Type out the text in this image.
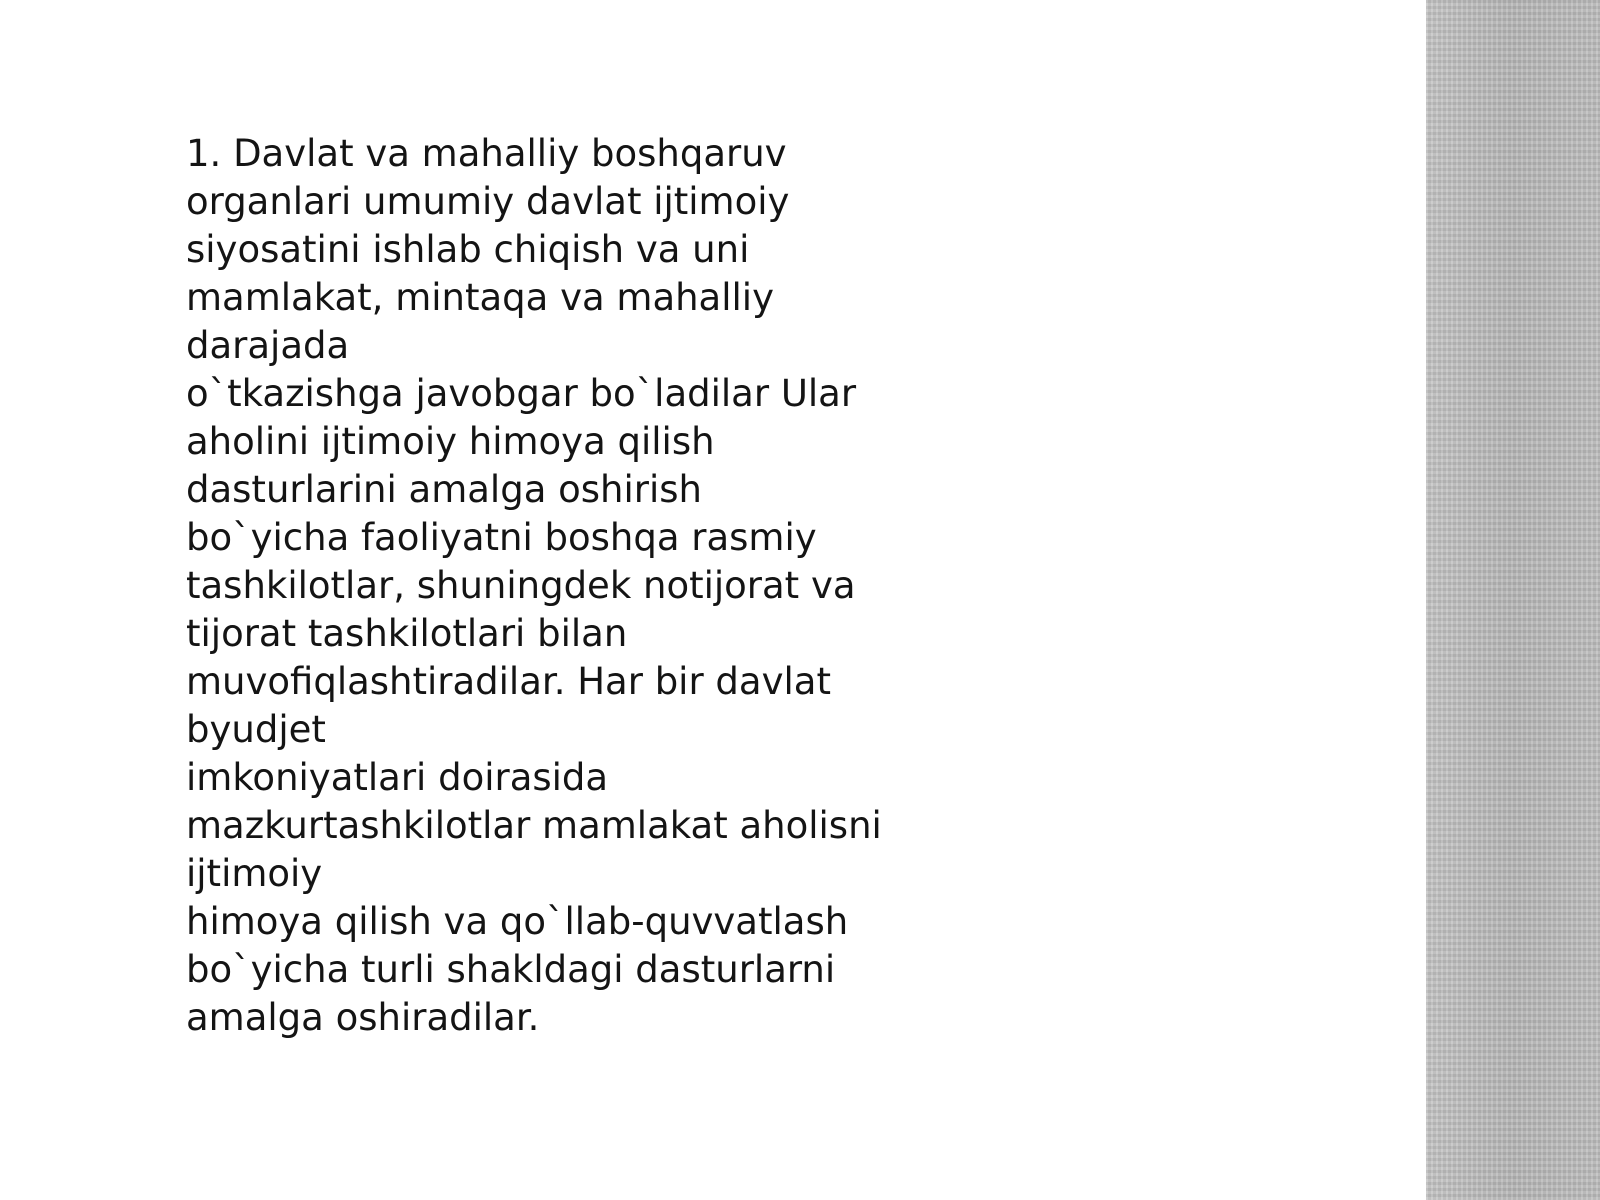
1. Davlat va mahalliy boshqaruv
organlari umumiy davlat ijtimoiy
siyosatini ishlab chiqish va uni
mamlakat, mintaqa va mahalliy
darajada
o`tkazishga javobgar bo`ladilar Ular
aholini ijtimoiy himoya qilish
dasturlarini amalga oshirish
bo`yicha faoliyatni boshqa rasmiy
tashkilotlar, shuningdek notijorat va
tijorat tashkilotlari bilan
muvofiqlashtiradilar. Har bir davlat
byudjet
imkoniyatlari doirasida
mazkurtashkilotlar mamlakat aholisni
ijtimoiy
himoya qilish va qo`llab-quvvatlash
bo`yicha turli shakldagi dasturlarni
amalga oshiradilar.
